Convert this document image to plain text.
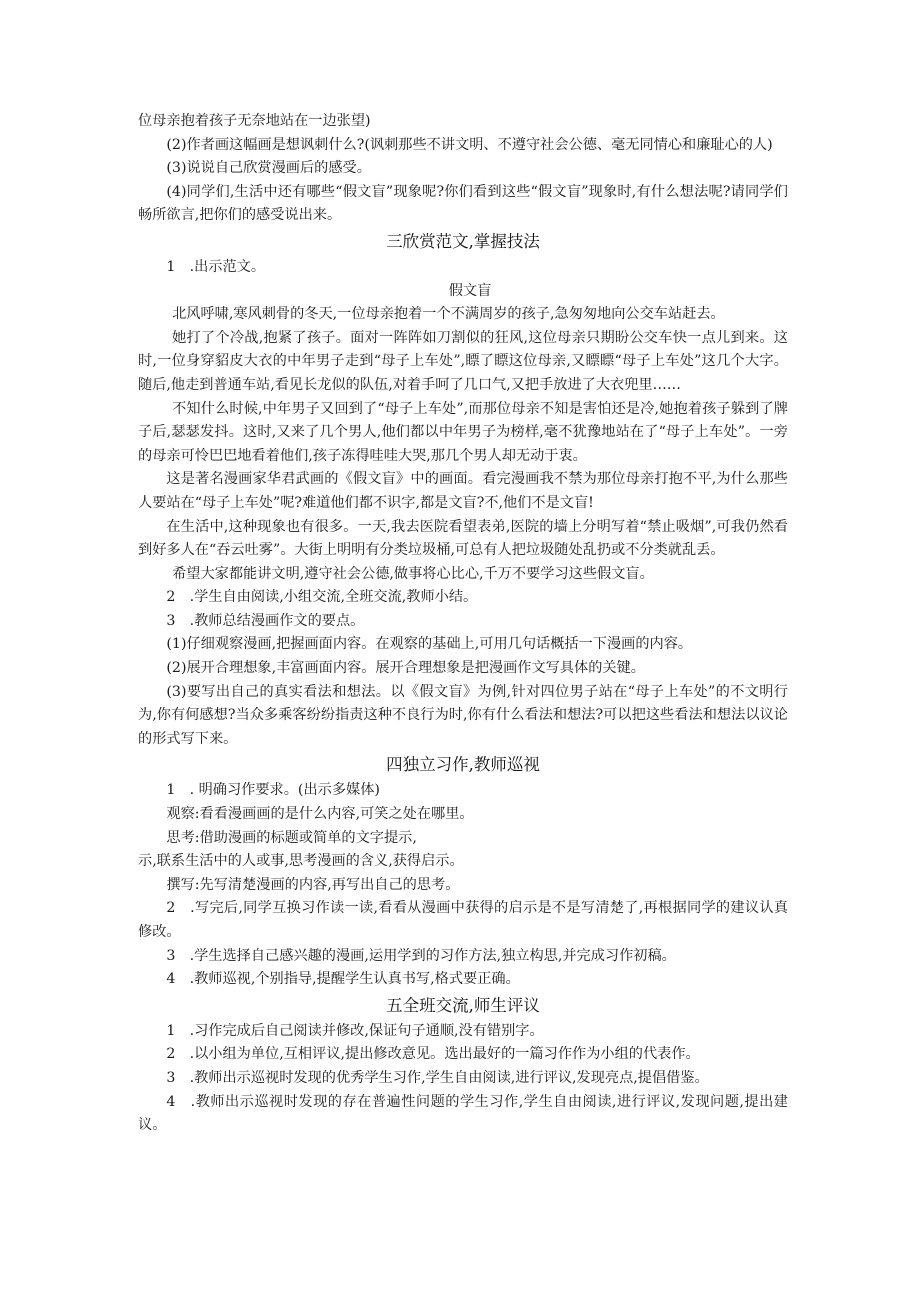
位母亲抱着孩子无奈地站在一边张望)

(2)作者画这幅画是想讽刺什么?(讽刺那些不讲文明、不遵守社会公德、毫无同情心和廉耻心的人)

(3)说说自己欣赏漫画后的感受。

(4)同学们,生活中还有哪些“假文盲”现象呢?你们看到这些“假文盲”现象时,有什么想法呢?请同学们畅所欲言,把你们的感受说出来。

三欣赏范文,掌握技法

1　.出示范文。

假文盲

北风呼啸,寒风刺骨的冬天,一位母亲抱着一个不满周岁的孩子,急匆匆地向公交车站赶去。

她打了个冷战,抱紧了孩子。面对一阵阵如刀割似的狂风,这位母亲只期盼公交车快一点儿到来。这时,一位身穿貂皮大衣的中年男子走到“母子上车处”,瞟了瞟这位母亲,又瞟瞟“母子上车处”这几个大字。随后,他走到普通车站,看见长龙似的队伍,对着手呵了几口气,又把手放进了大衣兜里……

不知什么时候,中年男子又回到了“母子上车处”,而那位母亲不知是害怕还是冷,她抱着孩子躲到了牌子后,瑟瑟发抖。这时,又来了几个男人,他们都以中年男子为榜样,毫不犹豫地站在了“母子上车处”。一旁的母亲可怜巴巴地看着他们,孩子冻得哇哇大哭,那几个男人却无动于衷。

这是著名漫画家华君武画的《假文盲》中的画面。看完漫画我不禁为那位母亲打抱不平,为什么那些人要站在“母子上车处”呢?难道他们都不识字,都是文盲?不,他们不是文盲!

在生活中,这种现象也有很多。一天,我去医院看望表弟,医院的墙上分明写着“禁止吸烟”,可我仍然看到好多人在“吞云吐雾”。大街上明明有分类垃圾桶,可总有人把垃圾随处乱扔或不分类就乱丢。

希望大家都能讲文明,遵守社会公德,做事将心比心,千万不要学习这些假文盲。

2　.学生自由阅读,小组交流,全班交流,教师小结。

3　.教师总结漫画作文的要点。

(1)仔细观察漫画,把握画面内容。在观察的基础上,可用几句话概括一下漫画的内容。

(2)展开合理想象,丰富画面内容。展开合理想象是把漫画作文写具体的关键。

(3)要写出自己的真实看法和想法。以《假文盲》为例,针对四位男子站在“母子上车处”的不文明行为,你有何感想?当众多乘客纷纷指责这种不良行为时,你有什么看法和想法?可以把这些看法和想法以议论的形式写下来。

四独立习作,教师巡视

1　. 明确习作要求。(出示多媒体)

观察:看看漫画画的是什么内容,可笑之处在哪里。

思考:借助漫画的标题或简单的文字提示,

示,联系生活中的人或事,思考漫画的含义,获得启示。

撰写:先写清楚漫画的内容,再写出自己的思考。

2　.写完后,同学互换习作读一读,看看从漫画中获得的启示是不是写清楚了,再根据同学的建议认真修改。

3　.学生选择自己感兴趣的漫画,运用学到的习作方法,独立构思,并完成习作初稿。

4　.教师巡视,个别指导,提醒学生认真书写,格式要正确。

五全班交流,师生评议

1　.习作完成后自己阅读并修改,保证句子通顺,没有错别字。

2　.以小组为单位,互相评议,提出修改意见。选出最好的一篇习作作为小组的代表作。

3　.教师出示巡视时发现的优秀学生习作,学生自由阅读,进行评议,发现亮点,提倡借鉴。

4　.教师出示巡视时发现的存在普遍性问题的学生习作,学生自由阅读,进行评议,发现问题,提出建议。
